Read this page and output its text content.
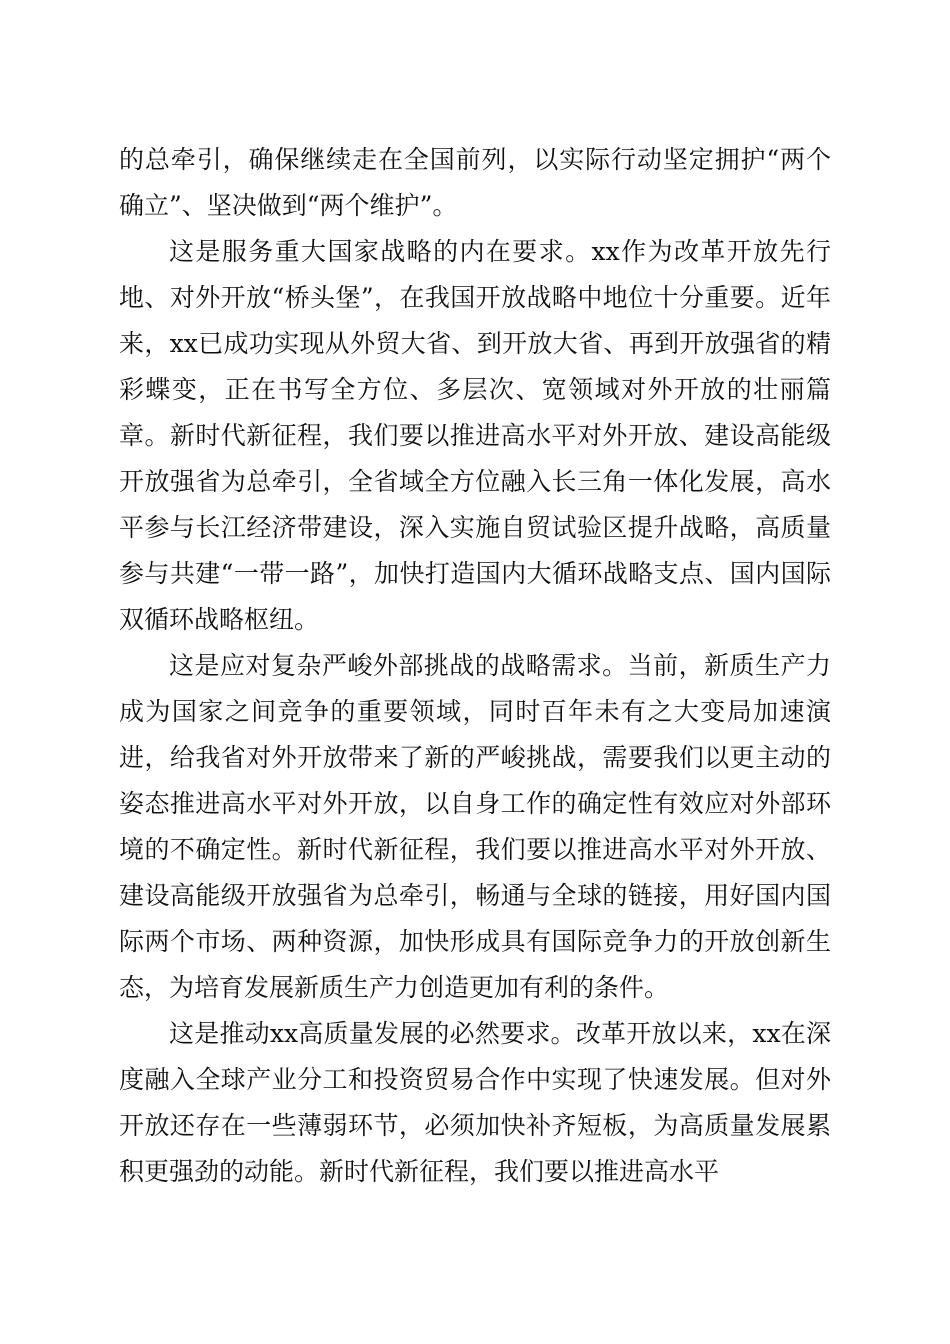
的总牵引，确保继续走在全国前列，以实际行动坚定拥护“两个确立”、坚决做到“两个维护”。

这是服务重大国家战略的内在要求。xx作为改革开放先行地、对外开放“桥头堡”，在我国开放战略中地位十分重要。近年来，xx已成功实现从外贸大省、到开放大省、再到开放强省的精彩蝶变，正在书写全方位、多层次、宽领域对外开放的壮丽篇章。新时代新征程，我们要以推进高水平对外开放、建设高能级开放强省为总牵引，全省域全方位融入长三角一体化发展，高水平参与长江经济带建设，深入实施自贸试验区提升战略，高质量参与共建“一带一路”，加快打造国内大循环战略支点、国内国际双循环战略枢纽。

这是应对复杂严峻外部挑战的战略需求。当前，新质生产力成为国家之间竞争的重要领域，同时百年未有之大变局加速演进，给我省对外开放带来了新的严峻挑战，需要我们以更主动的姿态推进高水平对外开放，以自身工作的确定性有效应对外部环境的不确定性。新时代新征程，我们要以推进高水平对外开放、建设高能级开放强省为总牵引，畅通与全球的链接，用好国内国际两个市场、两种资源，加快形成具有国际竞争力的开放创新生态，为培育发展新质生产力创造更加有利的条件。

这是推动xx高质量发展的必然要求。改革开放以来，xx在深度融入全球产业分工和投资贸易合作中实现了快速发展。但对外开放还存在一些薄弱环节，必须加快补齐短板，为高质量发展累积更强劲的动能。新时代新征程，我们要以推进高水平
